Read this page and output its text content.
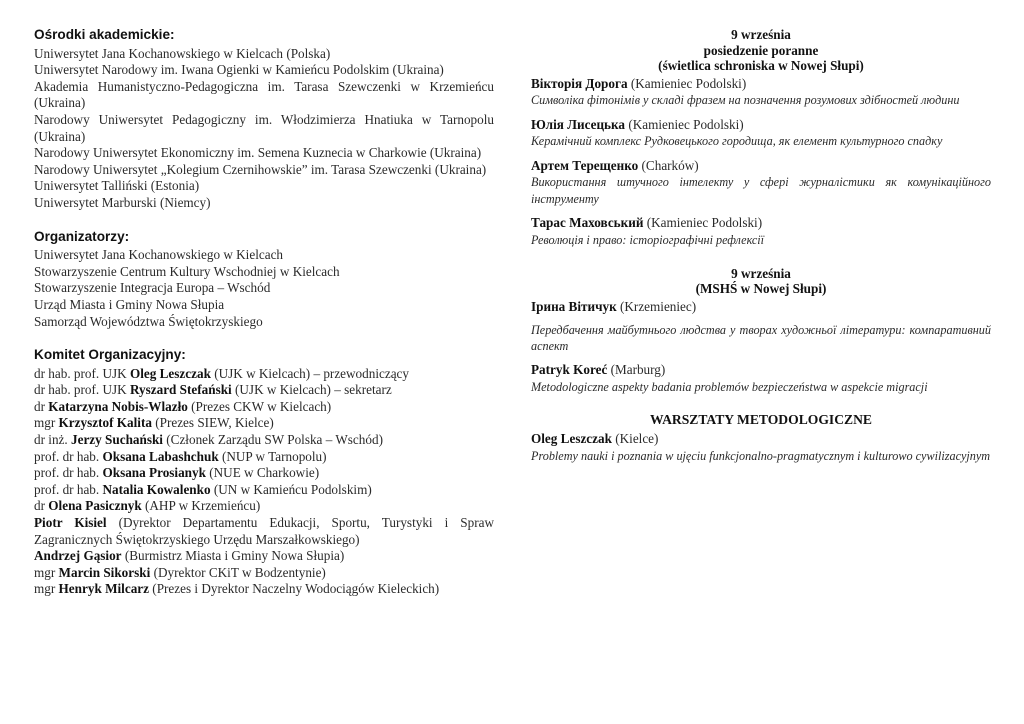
Ośrodki akademickie:
Uniwersytet Jana Kochanowskiego w Kielcach (Polska)
Uniwersytet Narodowy im. Iwana Ogienki w Kamieńcu Podolskim (Ukraina)
Akademia Humanistyczno-Pedagogiczna im. Tarasa Szewczenki w Krzemieńcu (Ukraina)
Narodowy Uniwersytet Pedagogiczny im. Włodzimierza Hnatiuka w Tarnopolu (Ukraina)
Narodowy Uniwersytet Ekonomiczny im. Semena Kuznecia w Charkowie (Ukraina)
Narodowy Uniwersytet „Kolegium Czernihowskie” im. Tarasa Szewczenki (Ukraina)
Uniwersytet Talliński (Estonia)
Uniwersytet Marburski (Niemcy)
Organizatorzy:
Uniwersytet Jana Kochanowskiego w Kielcach
Stowarzyszenie Centrum Kultury Wschodniej w Kielcach
Stowarzyszenie Integracja Europa – Wschód
Urząd Miasta i Gminy Nowa Słupia
Samorząd Województwa Świętokrzyskiego
Komitet Organizacyjny:
dr hab. prof. UJK Oleg Leszczak (UJK w Kielcach) – przewodniczący
dr hab. prof. UJK Ryszard Stefański (UJK w Kielcach) – sekretarz
dr Katarzyna Nobis-Wlazło (Prezes CKW w Kielcach)
mgr Krzysztof Kalita (Prezes SIEW, Kielce)
dr inż. Jerzy Suchański (Członek Zarządu SW Polska – Wschód)
prof. dr hab. Oksana Labashchuk (NUP w Tarnopolu)
prof. dr hab. Oksana Prosianyk (NUE w Charkowie)
prof. dr hab. Natalia Kowalenko (UN w Kamieńcu Podolskim)
dr Olena Pasicznyk (AHP w Krzemieńcu)
Piotr Kisiel (Dyrektor Departamentu Edukacji, Sportu, Turystyki i Spraw Zagranicznych Świętokrzyskiego Urzędu Marszałkowskiego)
Andrzej Gąsior (Burmistrz Miasta i Gminy Nowa Słupia)
mgr Marcin Sikorski (Dyrektor CKiT w Bodzentynie)
mgr Henryk Milcarz (Prezes i Dyrektor Naczelny Wodociągów Kieleckich)
9 września
posiedzenie poranne
(świetlica schroniska w Nowej Słupi)
Вікторія Дорога (Kamieniec Podolski)
Символіка фітонімів у складі фразем на позначення розумових здібностей людини
Юлія Лисецька (Kamieniec Podolski)
Керамічний комплекс Рудковецького городища, як елемент культурного спадку
Артем Терещенко (Charków)
Використання штучного інтелекту у сфері журналістики як комунікаційного інструменту
Тарас Маховський (Kamieniec Podolski)
Революція і право: історіографічні рефлексії
9 września
(MSHŚ w Nowej Słupi)
Ірина Вітичук (Krzemieniec)
Передбачення майбутнього людства у творах художньої літератури: компаративний аспект
Patryk Koreć (Marburg)
Metodologiczne aspekty badania problemów bezpieczeństwa w aspekcie migracji
WARSZTATY METODOLOGICZNE
Oleg Leszczak (Kielce)
Problemy nauki i poznania w ujęciu funkcjonalno-pragmatycznym i kulturowo cywilizacyjnym
